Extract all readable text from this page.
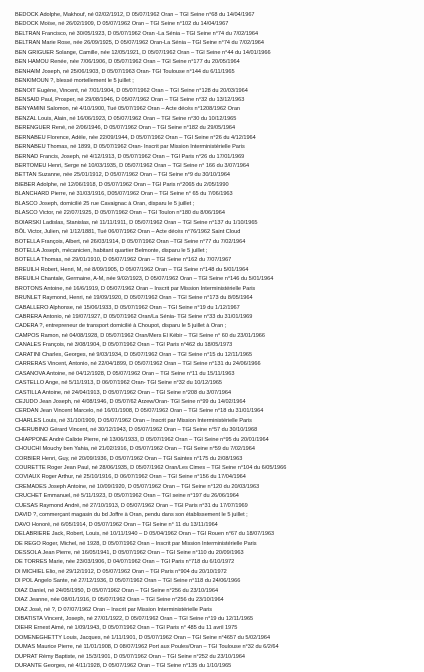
BEDOCK Adolphe, Makhouf, né 02/02/1912, D 05/07/1962 Oran – TGI Seine n°68 du 14/04/1967
BEDOCK Moïse, né 26/02/1909, D 05/07/1962 Oran – TGI Seine n°102 du 14/04/1967
BELTRAN Francisco, né 30/05/1923, D 05/07/1962 Oran -La Sénia – TGI Seine n°74 du 7/02/1964
BELTRAN Marie Rose, née 26/09/1925, D 05/07/1962 Oran-La Sénia – TGI Seine n°74 du 7/02/1964
BEN GRIGUER Solange, Camille, née 12/05/1921, D 05/07/1962 Oran – TGI Seine n°44 du 14/01/1966
BEN HAMOU Renée, née 7/06/1906, D 05/07/1962 Oran – TGI Seine n°177 du 20/05/1964
BENHAIM Joseph, né 25/06/1903, D 05/07/1963 Oran- TGI Toulouse n°144 du 6/11/1965
BENKIMOUN ?, blessé mortellement le 5 juillet ;
BENOIT Eugène, Vincent, né 7/01/1904, D 05/07/1962 Oran – TGI Seine n°128 du 20/03/1964
BENSAID Paul, Prosper, né 29/08/1946, D 05/07/1962 Oran – TGI Seine n°32 du 13/12/1963
BENYAMINI Salomon, né 4/10/1900, Tué 05/07/1962 Oran – Acte décès n°1208/1962 Oran
BENZAL Louis, Alain, né 16/06/1923, D 05/07/1962 Oran – TGI Seine n°30 du 10/12/1965
BERENGUER René, né 2/06/1946, D 05/07/1962 Oran – TGI Seine n°182 du 29/05/1964
BERNABEU Florence, Adèle, née 22/09/1944, D 05/07/1962 Oran – TGI Seine n°26 du 4/12/1964
BERNABEU Thomas, né 1899, D 05/07/1962 Oran- Inscrit par Mission Interministérielle Paris
BERNAD Francis, Joseph, né 4/12/1913, D 05/07/1962 Oran – TGI Paris n°26 du 17/01/1969
BERTOMEU Henri, Serge né 10/03/1935, D 05/07/1962 Oran – TGI Seine n° 166 du 3/07/1964
BETTAN Suzanne, née 25/01/1912, D 05/07/1962 Oran – TGI Seine n°9 du 30/10/1964
BIEBER Adolphe, né 12/06/1918, D 05/07/1962 Oran – TGI Paris n°2065 du 2/05/1990
BLANCHARD Pierre, né 31/03/1916, D05/07/1962 Oran – TGI Seine n° 65 du 7/06/1963
BLASCO Joseph, domicilié 25 rue Cavaignac à Oran, disparu le 5 juillet ;
BLASCO Victor, né 22/07/1925, D 05/07/1962 Oran – TGI Toulon n°180 du 8/06/1964
BOIARSKI Ladislas, Stanislas, né 11/11/1911, D 05/07/1962 Oran – TGI Seine n°137 du 1/10/1965
BÔL Victor, Julien, né 1/12/1881, Tué 06/07/1962 Oran – Acte décès n°76/1962 Saint Cloud
BOTELLA François, Albert, né 26/03/1914, D 05/07/1962 Oran –TGI Seine n°77 du 7/02/1964
BOTELLA Joseph, mécanicien, habitant quartier Belmonte, disparu le 5 juillet ;
BOTELLA Thomas, né 29/01/1910, D 05/07/1962 Oran – TGI Seine n°162 du 7/07/1967
BREUILH Robert, Henri, M, né 8/09/1905, D 05/07/1962 Oran – TGI Seine n°148 du 5/01/1964
BREUILH Chantale, Germaine, A-M, née 9/02/1923, D 05/07/1962 Oran – TGI Seine n°146 du 5/01/1964
BROTONS Antoine, né 16/6/1919, D 05/07/1962 Oran – Inscrit par Mission Interministérielle Paris
BRUNLET Raymond, Henri, né 19/09/1920, D 05/07/1962 Oran – TGI Seine n°173 du 8/05/1964
CABALLERO Alphonse, né 15/06/1933, D 05/07/1962 Oran – TGI Seine n°19 du 1/12/1967
CABRERA Antonio, né 19/07/1927, D 05/07/1962 Oran/La Sénia- TGI Seine n°33 du 31/01/1969
CADERA ?, entrepreneur de transport domicilié à Choupot, disparu le 5 juillet à Oran ;
CAMPOS Ramon, né 04/08/1928, D 05/07/1962 Oran/Mers El Kébir – TGI Seine n° 60 du 23/01/1966
CANALES François, né 3/08/1904, D 05/07/1962 Oran – TGI Paris n°462 du 18/05/1973
CARATINI Charles, Georges, né 9/03/1934, D 05/07/1962 Oran – TGI Seine n°15 du 12/11/1965
CARRERAS Vincent, Antonio, né 22/04/1899, D 05/07/1962 Oran – TGI Seine n°131 du 24/06/1966
CASANOVA Antoine, né 04/12/1928, D 05/07/1962 Oran – TGI Seine n°11 du 15/11/1963
CASTELLO Ange, né 5/11/1913, D 06/07/1962 Oran- TGI Seine n°32 du 10/12/1965
CASTILLA Antoine, né 24/04/1913, D 05/07/1962 Oran – TGI Seine n°208 du 3/07/1964
CEJUDO Jean Joseph, né 4/08/1946, D 05/07/62 Arzew/Oran- TGI Seine n°99 du 14/02/1964
CERDAN Jean Vincent Marcelo, né 16/01/1908, D 05/07/1962 Oran – TGI Seine n°18 du 31/01/1964
CHARLES Louis, né 31/10/1909, D 05/07/1962 Oran – Inscrit par Mission Interministérielle Paris
CHERUBINO Gérard Vincent, né 30/12/1943, D 05/07/1962 Oran – TGI Seine n°57 du 30/10/1968
CHIAPPONE André Calixte Pierre, né 13/06/1933, D 05/07/1962 Oran – TGI Seine n°95 du 20/01/1964
CHOUCHI Mouchy ben Yahia, né 21/02/1916, D 05/07/1962 Oran – TGI Seine n°59 du 7/02/1964
CORBIER Henri, Guy, né 20/09/1936, D 05/07/1962 Oran – TGI Saintes n°175 du 2/08/1963
COURETTE Roger Jean Paul, né 28/06/1935, D 05/07/1962 Oran/Les Cimes – TGI Seine n°104 du 6/05/1966
COVIAUX Roger Arthur, né 25/10/1916, D 06/07/1962 Oran – TGI Seine n°156 du 17/04/1964
CREMADES Joseph Antoine, né 10/09/1920, D 05/07/1962 Oran – TGI Seine n°120 du 20/03/1963
CRUCHET Emmanuel, né 5/11/1923, D 05/07/1962 Oran – TGI seine n°197 du 26/06/1964
CUESAS Raymond André, né 27/10/1913, D 05/07/1962 Oran – TGI Paris n°31 du 17/07/1969
DAVID ?, commerçant magasin du bd Joffre à Oran, pendu dans son établissement le 5 juillet ;
DAVO Honoré, né 6/05/1914, D 05/07/1962 Oran – TGI Seine n° 11 du 13/11/1964
DELABRIERE Jack, Robert, Louis, né 10/11/1940 – D 05/04/1962 Oran – TGI Rouen n°67 du 18/07/1963
DE REGO Roger, Michel, né 1928, D 05/07/1962 Oran – Inscrit par Mission Interministérielle Paris
DESSOLA Jean Pierre, né 16/05/1941, D 05/07/1962 Oran – TGI Seine n°110 du 20/09/1963
DE TORRES Marie, née 23/03/1906, D 04/07/1962 Oran – TGI Paris n°718 du 6/10/1972
DI MICHIEL Elio, né 29/12/1912, D 05/07/1962 Oran – TGI Paris n°904 du 20/10/1972
DI POL Angelo Sante, né 27/12/1936, D 05/07/1962 Oran – TGI Seine n°118 du 24/06/1966
DIAZ Daniel, né 24/05/1950, D 05/07/1962 Oran – TGI Seine n°256 du 23/10/1964
DIAZ Jeanne, née 08/01/1916, D 05/07/1962 Oran – TGI Seine n°256 du 23/10/1964
DIAZ José, né ?, D 07/07/1962 Oran – Inscrit par Mission Interministérielle Paris
DIBATISTA Vincent, Joseph, né 27/01/1922, D 05/07/1962 Oran – TGI Seine n°19 du 12/11/1965
DIEHR Ernest Aimé, né 1/09/1943, D 05/07/1962 Oran – TGI Paris n° 485 du 11 avril 1975
DOMENEGHETTY Louis, Jacques, né 1/11/1901, D 05/07/1962 Oran – TGI Seine n°4657 du 5/02/1964
DUMAS Maurice Pierre, né 11/01/1908, D 08/07/1962 Port aux Poules/Oran – TGI Toulouse n°32 du 6/2/64
DUPRAT Rémy Baptiste, né 15/3/1901, D 05/07/1962 Oran – TGI Seine n°252 du 23/10/1964
DURANTE Georges, né 4/11/1928, D 05/07/1962 Oran – TGI Seine n°135 du 1/10/1965
